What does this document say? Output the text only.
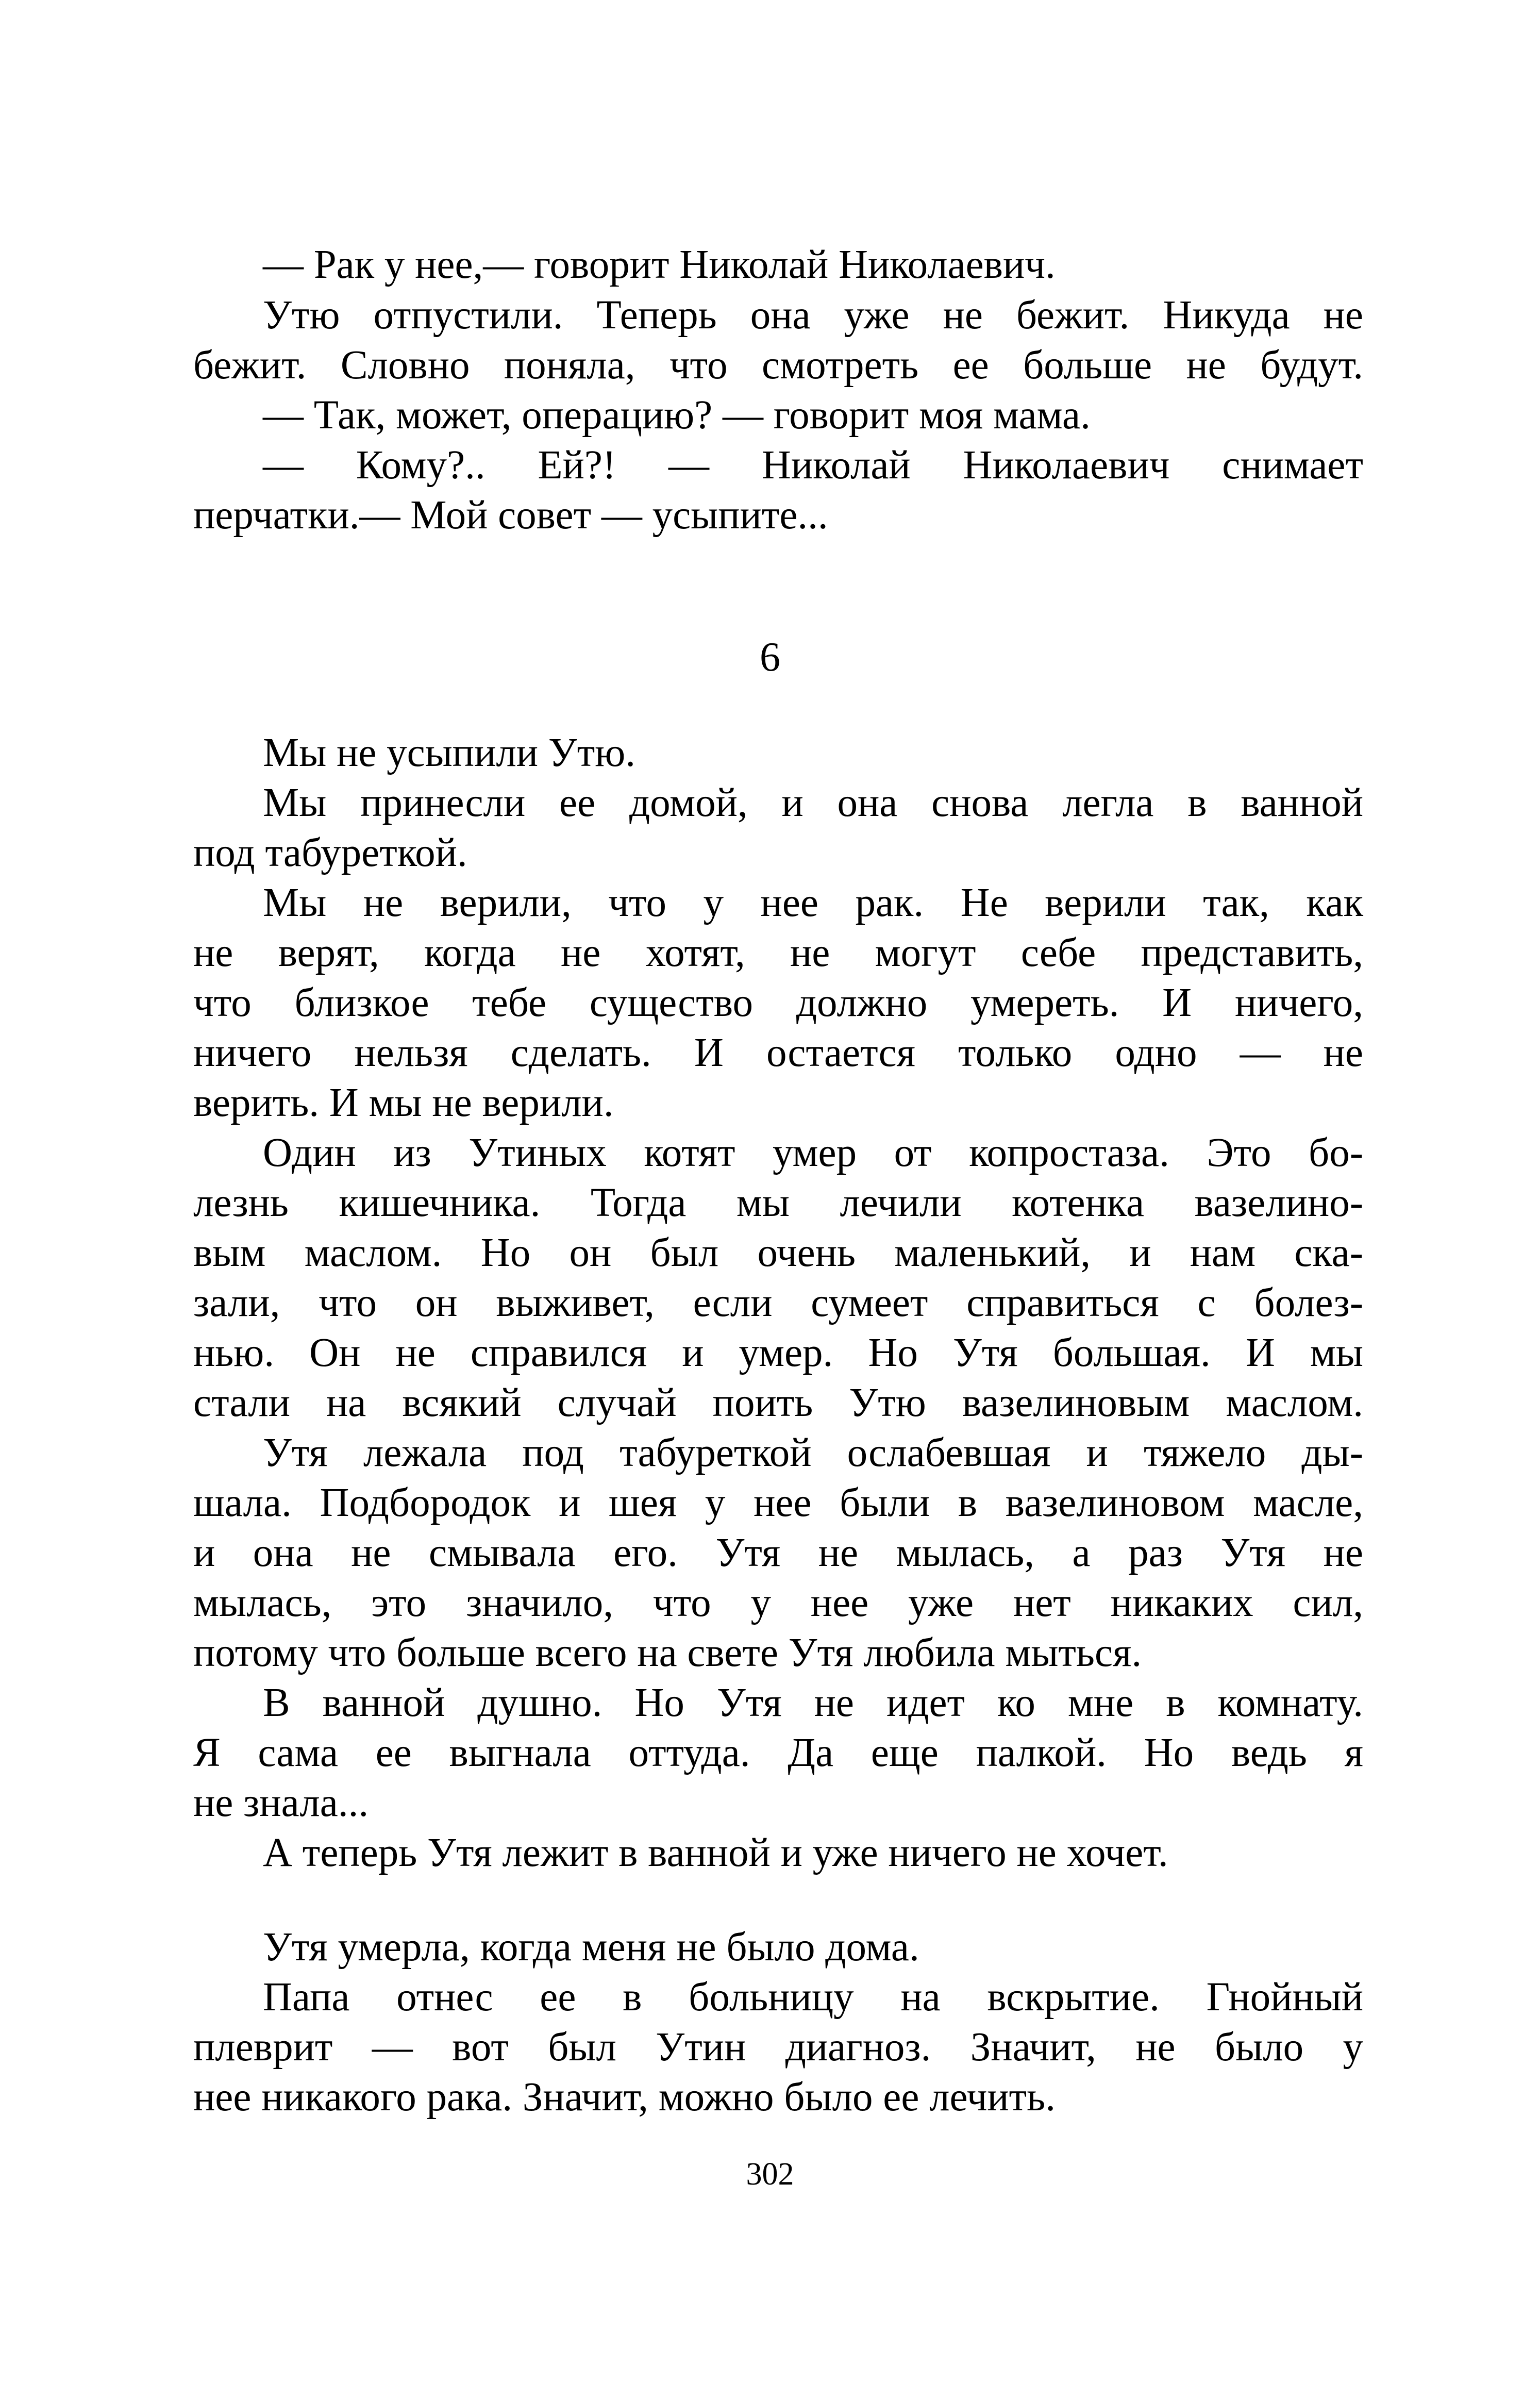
— Рак у нее,— говорит Николай Николаевич.
Утю отпустили. Теперь она уже не бежит. Никуда не
бежит. Словно поняла, что смотреть ее больше не будут.
— Так, может, операцию? — говорит моя мама.
— Кому?.. Ей?! — Николай Николаевич снимает
перчатки.— Мой совет — усыпите...
6
Мы не усыпили Утю.
Мы принесли ее домой, и она снова легла в ванной
под табуреткой.
Мы не верили, что у нее рак. Не верили так, как
не верят, когда не хотят, не могут себе представить,
что близкое тебе существо должно умереть. И ничего,
ничего нельзя сделать. И остается только одно — не
верить. И мы не верили.
Один из Утиных котят умер от копростаза. Это бо-
лезнь кишечника. Тогда мы лечили котенка вазелино-
вым маслом. Но он был очень маленький, и нам ска-
зали, что он выживет, если сумеет справиться с болез-
нью. Он не справился и умер. Но Утя большая. И мы
стали на всякий случай поить Утю вазелиновым маслом.
Утя лежала под табуреткой ослабевшая и тяжело ды-
шала. Подбородок и шея у нее были в вазелиновом масле,
и она не смывала его. Утя не мылась, а раз Утя не
мылась, это значило, что у нее уже нет никаких сил,
потому что больше всего на свете Утя любила мыться.
В ванной душно. Но Утя не идет ко мне в комнату.
Я сама ее выгнала оттуда. Да еще палкой. Но ведь я
не знала...
А теперь Утя лежит в ванной и уже ничего не хочет.
Утя умерла, когда меня не было дома.
Папа отнес ее в больницу на вскрытие. Гнойный
плеврит — вот был Утин диагноз. Значит, не было у
нее никакого рака. Значит, можно было ее лечить.
302
